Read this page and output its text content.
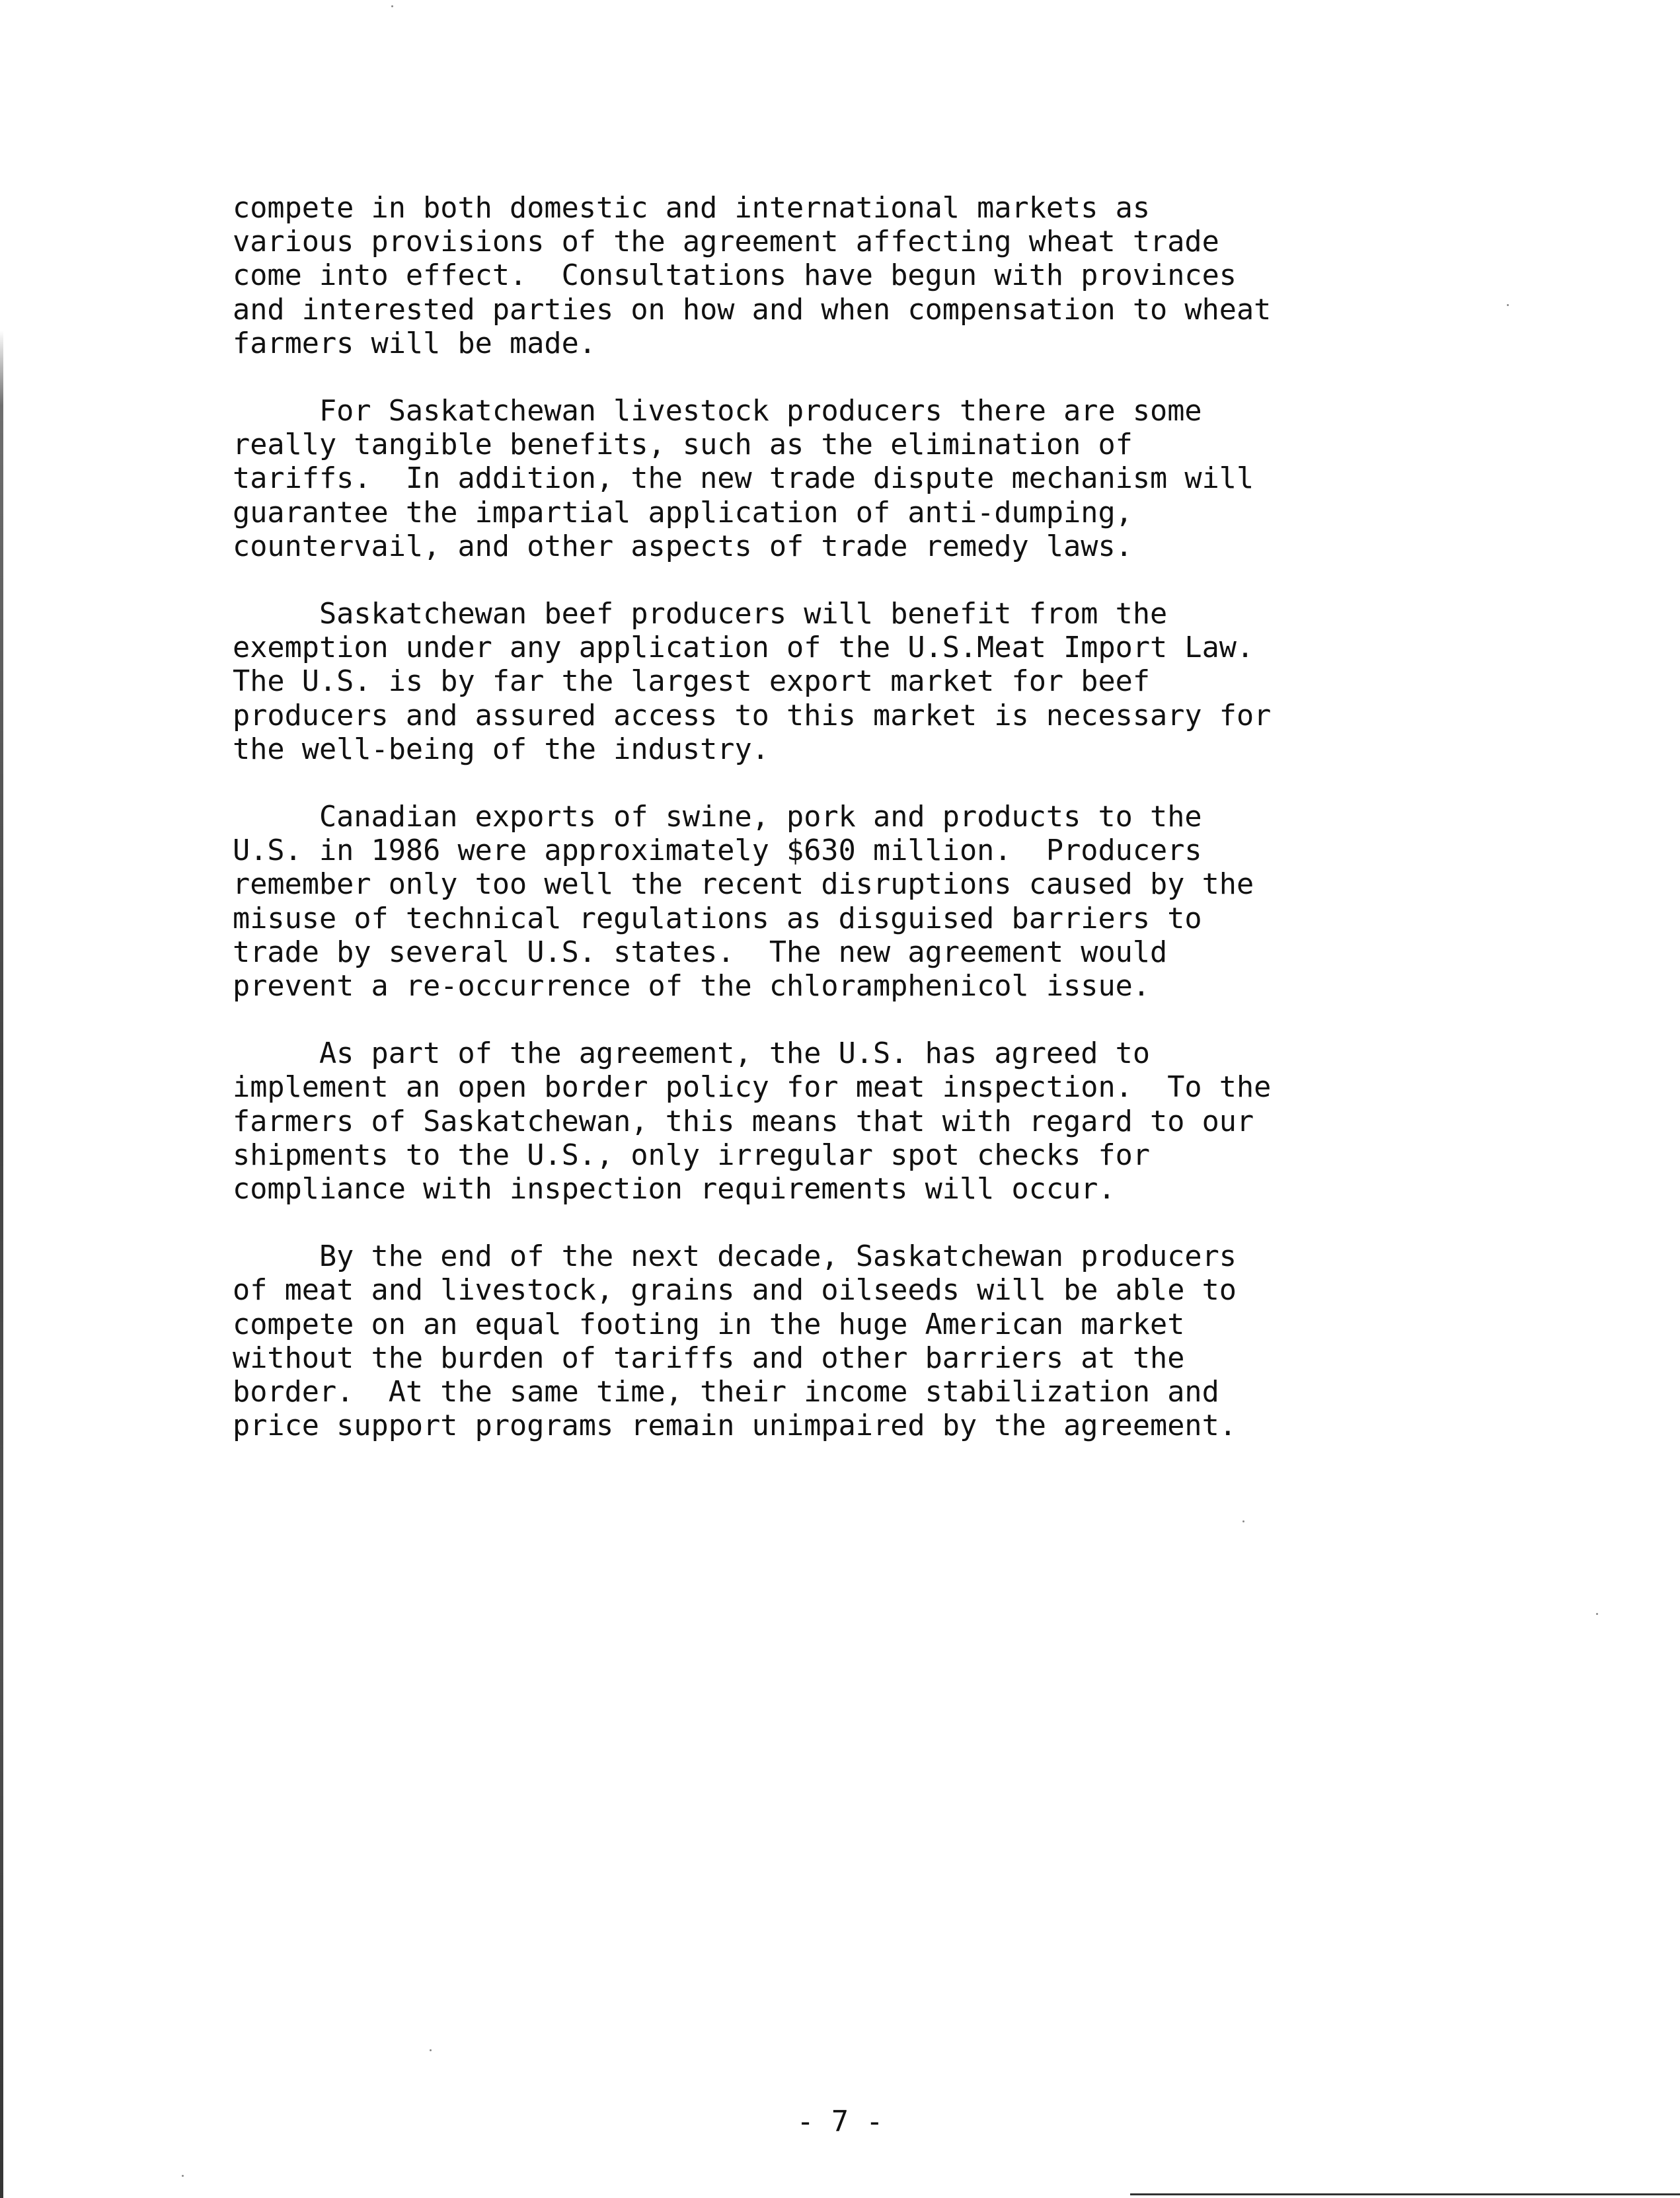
compete in both domestic and international markets as
various provisions of the agreement affecting wheat trade
come into effect.  Consultations have begun with provinces
and interested parties on how and when compensation to wheat
farmers will be made.

For Saskatchewan livestock producers there are some
really tangible benefits, such as the elimination of
tariffs.  In addition, the new trade dispute mechanism will
guarantee the impartial application of anti-dumping,
countervail, and other aspects of trade remedy laws.

Saskatchewan beef producers will benefit from the
exemption under any application of the U.S.Meat Import Law.
The U.S. is by far the largest export market for beef
producers and assured access to this market is necessary for
the well-being of the industry.

Canadian exports of swine, pork and products to the
U.S. in 1986 were approximately $630 million.  Producers
remember only too well the recent disruptions caused by the
misuse of technical regulations as disguised barriers to
trade by several U.S. states.  The new agreement would
prevent a re-occurrence of the chloramphenicol issue.

As part of the agreement, the U.S. has agreed to
implement an open border policy for meat inspection.  To the
farmers of Saskatchewan, this means that with regard to our
shipments to the U.S., only irregular spot checks for
compliance with inspection requirements will occur.

By the end of the next decade, Saskatchewan producers
of meat and livestock, grains and oilseeds will be able to
compete on an equal footing in the huge American market
without the burden of tariffs and other barriers at the
border.  At the same time, their income stabilization and
price support programs remain unimpaired by the agreement.

- 7 -
